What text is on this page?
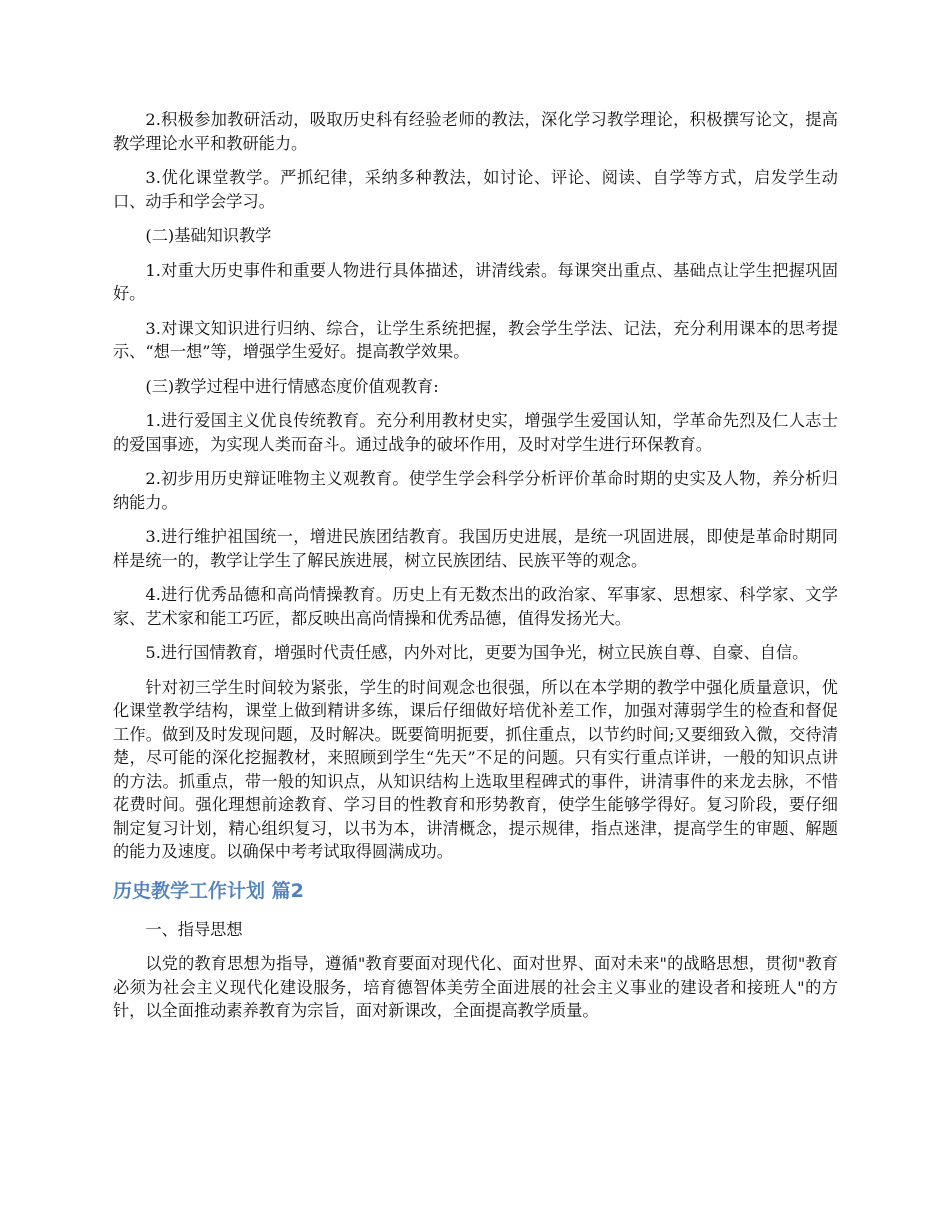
2.积极参加教研活动，吸取历史科有经验老师的教法，深化学习教学理论，积极撰写论文，提高教学理论水平和教研能力。

3.优化课堂教学。严抓纪律，采纳多种教法，如讨论、评论、阅读、自学等方式，启发学生动口、动手和学会学习。

(二)基础知识教学

1.对重大历史事件和重要人物进行具体描述，讲清线索。每课突出重点、基础点让学生把握巩固好。

3.对课文知识进行归纳、综合，让学生系统把握，教会学生学法、记法，充分利用课本的思考提示、“想一想”等，增强学生爱好。提高教学效果。

(三)教学过程中进行情感态度价值观教育:

1.进行爱国主义优良传统教育。充分利用教材史实，增强学生爱国认知，学革命先烈及仁人志士的爱国事迹，为实现人类而奋斗。通过战争的破坏作用，及时对学生进行环保教育。

2.初步用历史辩证唯物主义观教育。使学生学会科学分析评价革命时期的史实及人物，养分析归纳能力。

3.进行维护祖国统一，增进民族团结教育。我国历史进展，是统一巩固进展，即使是革命时期同样是统一的，教学让学生了解民族进展，树立民族团结、民族平等的观念。

4.进行优秀品德和高尚情操教育。历史上有无数杰出的政治家、军事家、思想家、科学家、文学家、艺术家和能工巧匠，都反映出高尚情操和优秀品德，值得发扬光大。

5.进行国情教育，增强时代责任感，内外对比，更要为国争光，树立民族自尊、自豪、自信。

针对初三学生时间较为紧张，学生的时间观念也很强，所以在本学期的教学中强化质量意识，优化课堂教学结构，课堂上做到精讲多练，课后仔细做好培优补差工作，加强对薄弱学生的检查和督促工作。做到及时发现问题，及时解决。既要简明扼要，抓住重点，以节约时间;又要细致入微，交待清楚，尽可能的深化挖掘教材，来照顾到学生“先天”不足的问题。只有实行重点详讲，一般的知识点讲的方法。抓重点，带一般的知识点，从知识结构上选取里程碑式的事件，讲清事件的来龙去脉，不惜花费时间。强化理想前途教育、学习目的性教育和形势教育，使学生能够学得好。复习阶段，要仔细制定复习计划，精心组织复习，以书为本，讲清概念，提示规律，指点迷津，提高学生的审题、解题的能力及速度。以确保中考考试取得圆满成功。

历史教学工作计划 篇2

一、指导思想

以党的教育思想为指导，遵循"教育要面对现代化、面对世界、面对未来"的战略思想，贯彻"教育必须为社会主义现代化建设服务，培育德智体美劳全面进展的社会主义事业的建设者和接班人"的方针，以全面推动素养教育为宗旨，面对新课改，全面提高教学质量。
